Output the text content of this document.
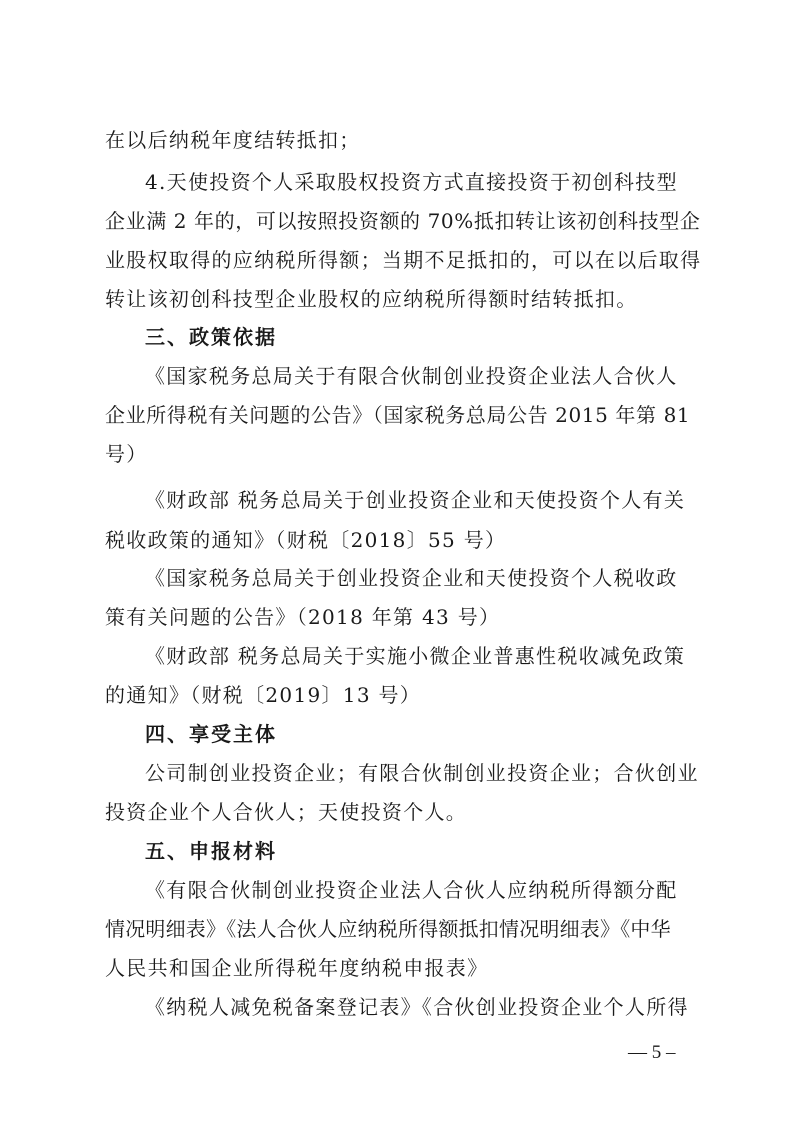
在以后纳税年度结转抵扣；
4.天使投资个人采取股权投资方式直接投资于初创科技型
企业满 2 年的，可以按照投资额的 70%抵扣转让该初创科技型企
业股权取得的应纳税所得额；当期不足抵扣的，可以在以后取得
转让该初创科技型企业股权的应纳税所得额时结转抵扣。
三、政策依据
《国家税务总局关于有限合伙制创业投资企业法人合伙人
企业所得税有关问题的公告》（国家税务总局公告 2015 年第 81
号）
《财政部 税务总局关于创业投资企业和天使投资个人有关
税收政策的通知》（财税〔2018〕55 号）
《国家税务总局关于创业投资企业和天使投资个人税收政
策有关问题的公告》（2018 年第 43 号）
《财政部 税务总局关于实施小微企业普惠性税收减免政策
的通知》（财税〔2019〕13 号）
四、享受主体
公司制创业投资企业；有限合伙制创业投资企业；合伙创业
投资企业个人合伙人；天使投资个人。
五、申报材料
《有限合伙制创业投资企业法人合伙人应纳税所得额分配
情况明细表》《法人合伙人应纳税所得额抵扣情况明细表》《中华
人民共和国企业所得税年度纳税申报表》
《纳税人减免税备案登记表》《合伙创业投资企业个人所得
— 5 –
